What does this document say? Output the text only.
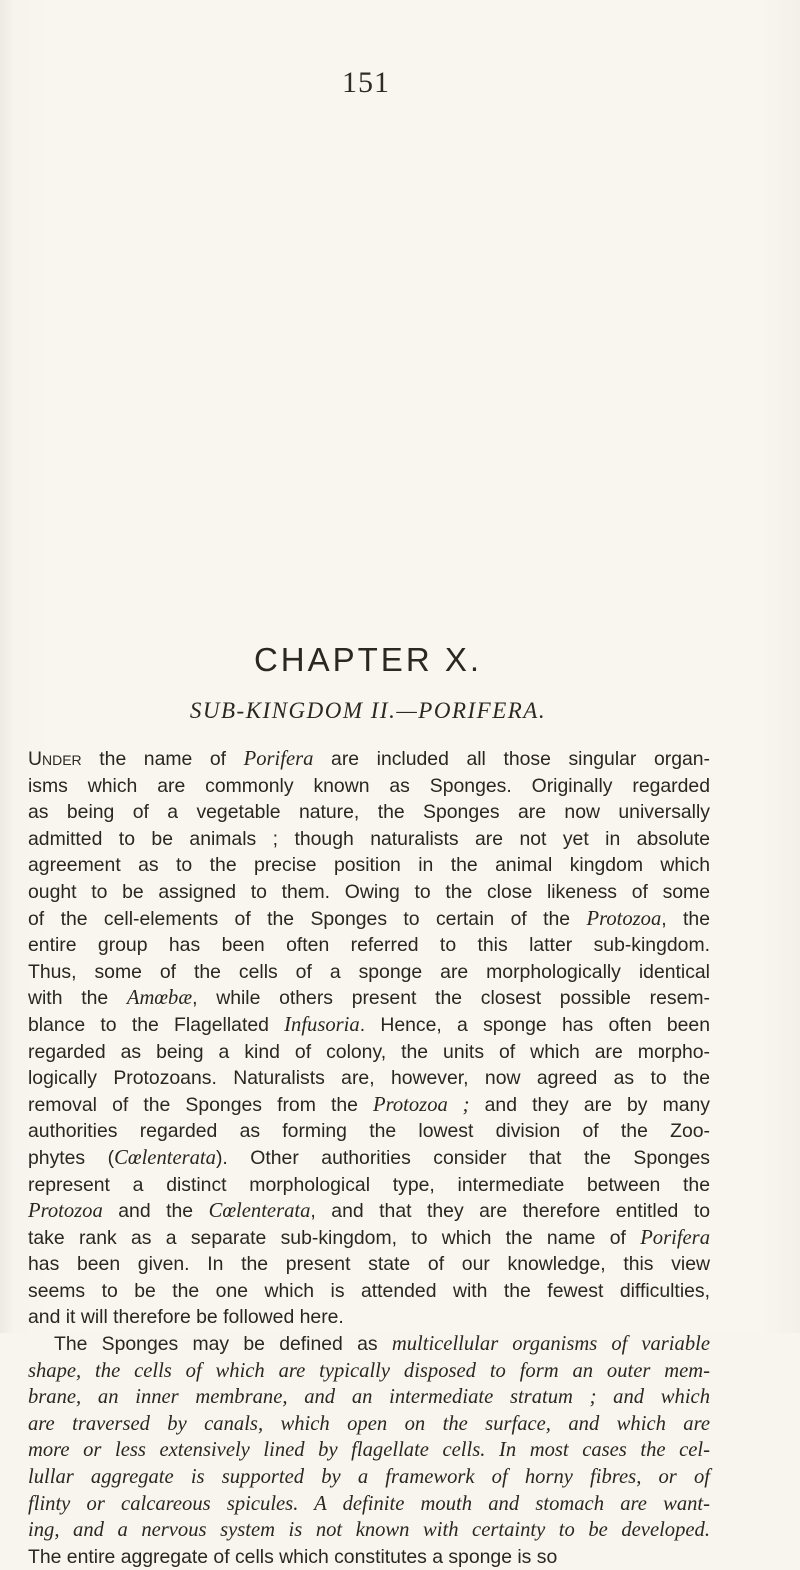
151
CHAPTER X.
SUB-KINGDOM II.—PORIFERA.
Under the name of Porifera are included all those singular organ-
isms which are commonly known as Sponges. Originally regarded
as being of a vegetable nature, the Sponges are now universally
admitted to be animals ; though naturalists are not yet in absolute
agreement as to the precise position in the animal kingdom which
ought to be assigned to them. Owing to the close likeness of some
of the cell-elements of the Sponges to certain of the Protozoa, the
entire group has been often referred to this latter sub-kingdom.
Thus, some of the cells of a sponge are morphologically identical
with the Amœbæ, while others present the closest possible resem-
blance to the Flagellated Infusoria. Hence, a sponge has often been
regarded as being a kind of colony, the units of which are morpho-
logically Protozoans. Naturalists are, however, now agreed as to the
removal of the Sponges from the Protozoa ; and they are by many
authorities regarded as forming the lowest division of the Zoo-
phytes (Cœlenterata). Other authorities consider that the Sponges
represent a distinct morphological type, intermediate between the
Protozoa and the Cœlenterata, and that they are therefore entitled to
take rank as a separate sub-kingdom, to which the name of Porifera
has been given. In the present state of our knowledge, this view
seems to be the one which is attended with the fewest difficulties,
and it will therefore be followed here.
The Sponges may be defined as multicellular organisms of variable
shape, the cells of which are typically disposed to form an outer mem-
brane, an inner membrane, and an intermediate stratum ; and which
are traversed by canals, which open on the surface, and which are
more or less extensively lined by flagellate cells. In most cases the cel-
lullar aggregate is supported by a framework of horny fibres, or of
flinty or calcareous spicules. A definite mouth and stomach are want-
ing, and a nervous system is not known with certainty to be developed.
The entire aggregate of cells which constitutes a sponge is so
